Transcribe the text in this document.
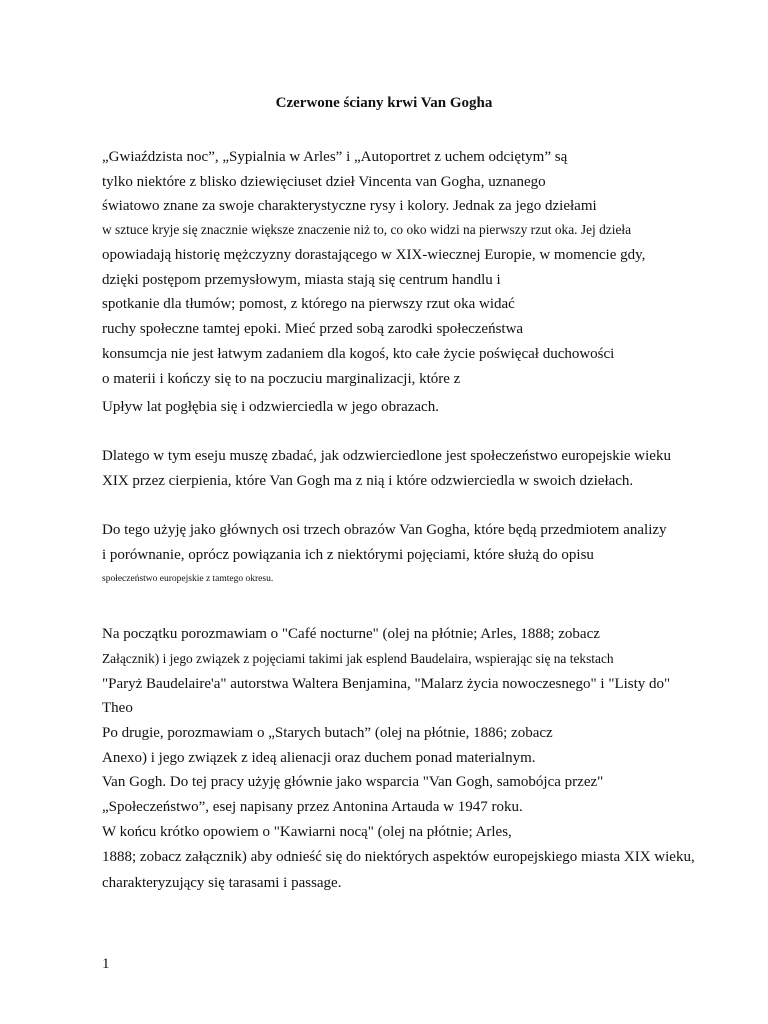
Czerwone ściany krwi Van Gogha

„Gwiaździsta noc”, „Sypialnia w Arles” i „Autoportret z uchem odciętym” są

tylko niektóre z blisko dziewięciuset dzieł Vincenta van Gogha, uznanego

światowo znane za swoje charakterystyczne rysy i kolory. Jednak za jego dziełami

w sztuce kryje się znacznie większe znaczenie niż to, co oko widzi na pierwszy rzut oka. Jej dzieła

opowiadają historię mężczyzny dorastającego w XIX-wiecznej Europie, w momencie gdy,

dzięki postępom przemysłowym, miasta stają się centrum handlu i

spotkanie dla tłumów; pomost, z którego na pierwszy rzut oka widać

ruchy społeczne tamtej epoki. Mieć przed sobą zarodki społeczeństwa

konsumcja nie jest łatwym zadaniem dla kogoś, kto całe życie poświęcał duchowości

o materii i kończy się to na poczuciu marginalizacji, które z

Upływ lat pogłębia się i odzwierciedla w jego obrazach.

Dlatego w tym eseju muszę zbadać, jak odzwierciedlone jest społeczeństwo europejskie wieku

XIX przez cierpienia, które Van Gogh ma z nią i które odzwierciedla w swoich dziełach.

Do tego użyję jako głównych osi trzech obrazów Van Gogha, które będą przedmiotem analizy

i porównanie, oprócz powiązania ich z niektórymi pojęciami, które służą do opisu

społeczeństwo europejskie z tamtego okresu.

Na początku porozmawiam o "Café nocturne" (olej na płótnie; Arles, 1888; zobacz

Załącznik) i jego związek z pojęciami takimi jak esplend Baudelaira, wspierając się na tekstach

"Paryż Baudelaire'a" autorstwa Waltera Benjamina, "Malarz życia nowoczesnego" i "Listy do"

Theo

Po drugie, porozmawiam o „Starych butach” (olej na płótnie, 1886; zobacz

Anexo) i jego związek z ideą alienacji oraz duchem ponad materialnym.

Van Gogh. Do tej pracy użyję głównie jako wsparcia "Van Gogh, samobójca przez"

„Społeczeństwo”, esej napisany przez Antonina Artauda w 1947 roku.

W końcu krótko opowiem o "Kawiarni nocą" (olej na płótnie; Arles,

1888; zobacz załącznik) aby odnieść się do niektórych aspektów europejskiego miasta XIX wieku,

charakteryzujący się tarasami i passage.

1
